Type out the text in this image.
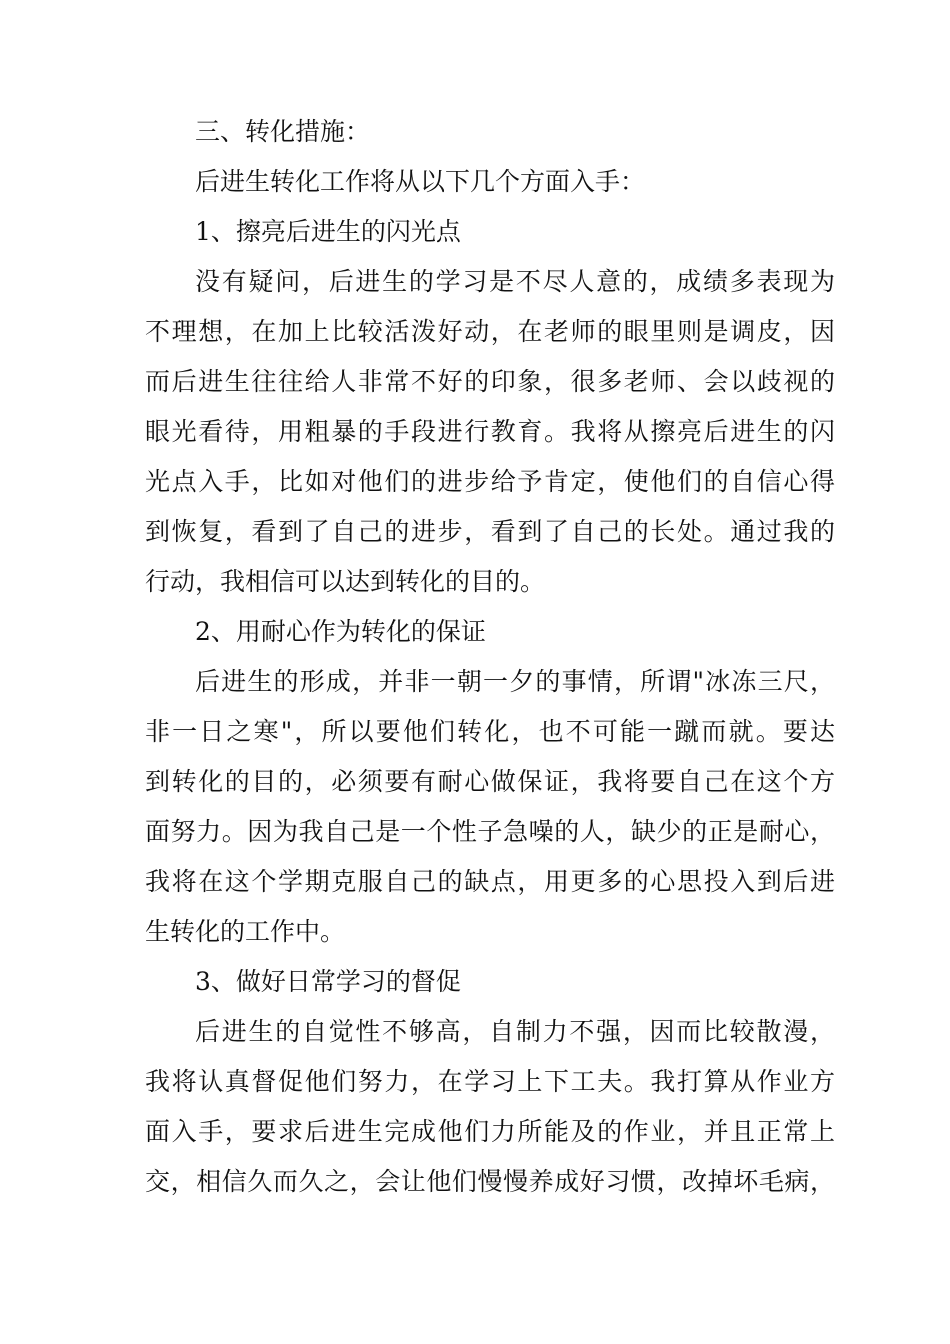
三、转化措施：
后进生转化工作将从以下几个方面入手：
1、擦亮后进生的闪光点
没有疑问，后进生的学习是不尽人意的，成绩多表现为
不理想，在加上比较活泼好动，在老师的眼里则是调皮，因
而后进生往往给人非常不好的印象，很多老师、会以歧视的
眼光看待，用粗暴的手段进行教育。我将从擦亮后进生的闪
光点入手，比如对他们的进步给予肯定，使他们的自信心得
到恢复，看到了自己的进步，看到了自己的长处。通过我的
行动，我相信可以达到转化的目的。
2、用耐心作为转化的保证
后进生的形成，并非一朝一夕的事情，所谓"冰冻三尺，
非一日之寒"，所以要他们转化，也不可能一蹴而就。要达
到转化的目的，必须要有耐心做保证，我将要自己在这个方
面努力。因为我自己是一个性子急噪的人，缺少的正是耐心，
我将在这个学期克服自己的缺点，用更多的心思投入到后进
生转化的工作中。
3、做好日常学习的督促
后进生的自觉性不够高，自制力不强，因而比较散漫，
我将认真督促他们努力，在学习上下工夫。我打算从作业方
面入手，要求后进生完成他们力所能及的作业，并且正常上
交，相信久而久之，会让他们慢慢养成好习惯，改掉坏毛病，
